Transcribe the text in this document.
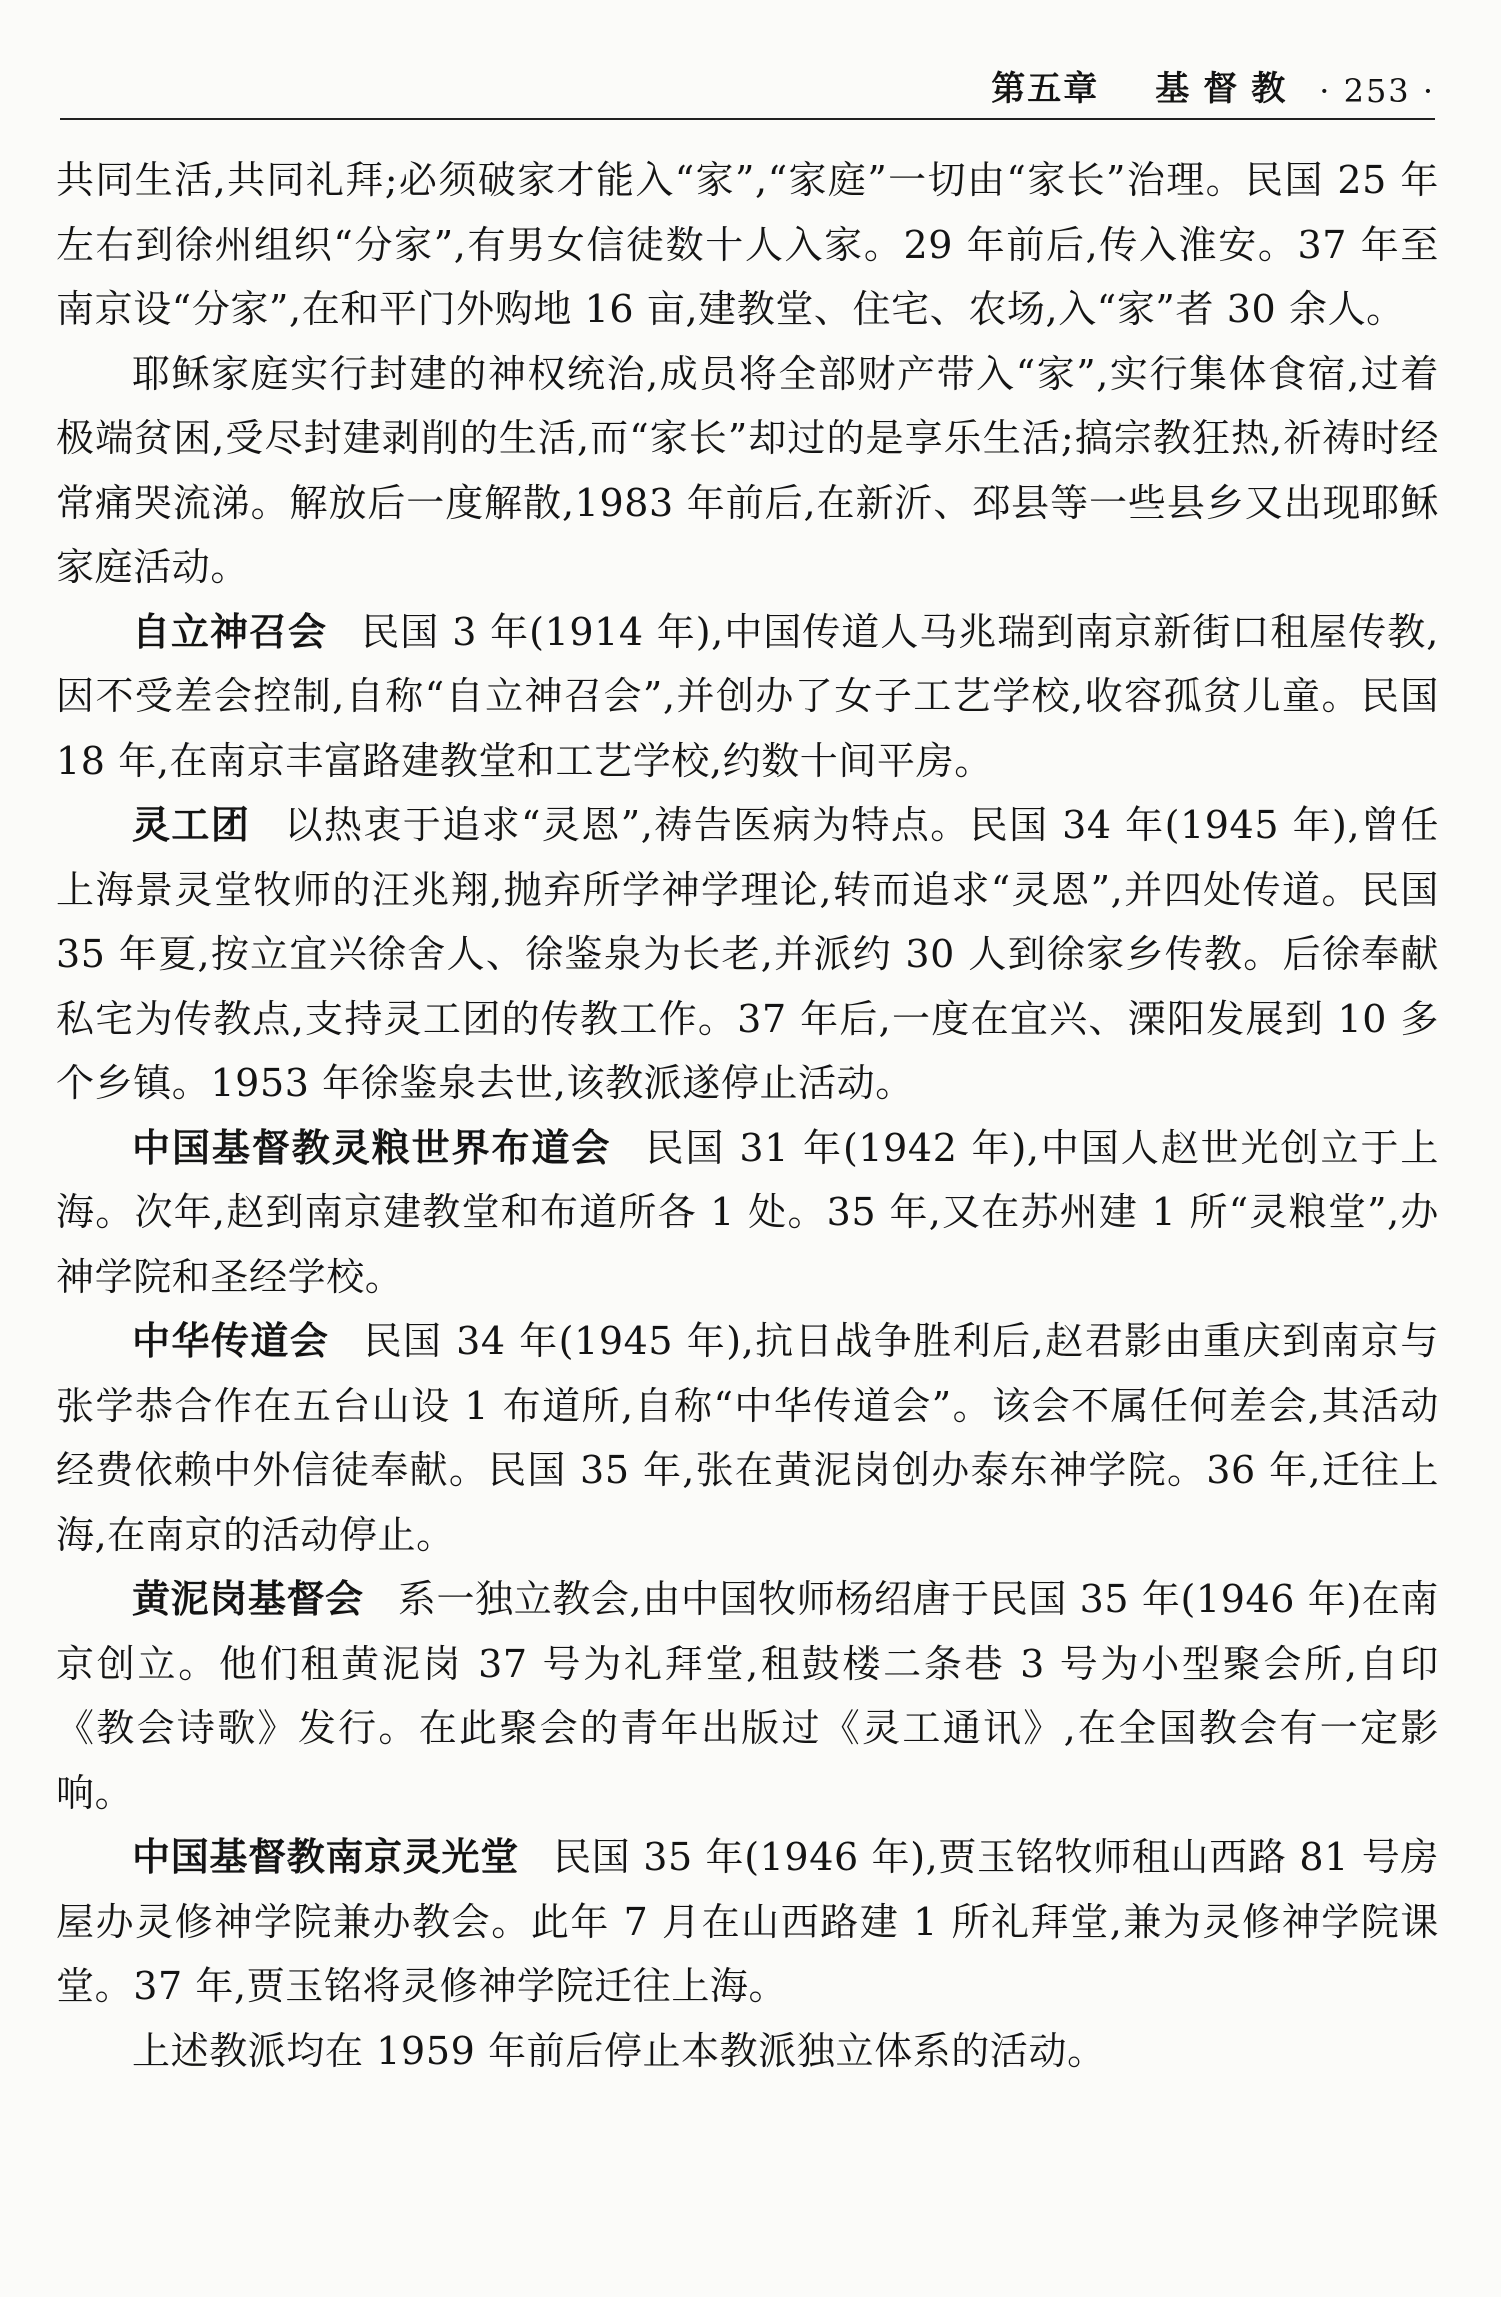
第五章 基督教 · 253 ·

共同生活,共同礼拜;必须破家才能入“家”,“家庭”一切由“家长”治理。民国 25 年左右到徐州组织“分家”,有男女信徒数十人入家。29 年前后,传入淮安。37 年至南京设“分家”,在和平门外购地 16 亩,建教堂、住宅、农场,入“家”者 30 余人。

耶稣家庭实行封建的神权统治,成员将全部财产带入“家”,实行集体食宿,过着极端贫困,受尽封建剥削的生活,而“家长”却过的是享乐生活;搞宗教狂热,祈祷时经常痛哭流涕。解放后一度解散,1983 年前后,在新沂、邳县等一些县乡又出现耶稣家庭活动。

自立神召会 民国 3 年(1914 年),中国传道人马兆瑞到南京新街口租屋传教,因不受差会控制,自称“自立神召会”,并创办了女子工艺学校,收容孤贫儿童。民国 18 年,在南京丰富路建教堂和工艺学校,约数十间平房。

灵工团 以热衷于追求“灵恩”,祷告医病为特点。民国 34 年(1945 年),曾任上海景灵堂牧师的汪兆翔,抛弃所学神学理论,转而追求“灵恩”,并四处传道。民国 35 年夏,按立宜兴徐舍人、徐鉴泉为长老,并派约 30 人到徐家乡传教。后徐奉献私宅为传教点,支持灵工团的传教工作。37 年后,一度在宜兴、溧阳发展到 10 多个乡镇。1953 年徐鉴泉去世,该教派遂停止活动。

中国基督教灵粮世界布道会 民国 31 年(1942 年),中国人赵世光创立于上海。次年,赵到南京建教堂和布道所各 1 处。35 年,又在苏州建 1 所“灵粮堂”,办神学院和圣经学校。

中华传道会 民国 34 年(1945 年),抗日战争胜利后,赵君影由重庆到南京与张学恭合作在五台山设 1 布道所,自称“中华传道会”。该会不属任何差会,其活动经费依赖中外信徒奉献。民国 35 年,张在黄泥岗创办泰东神学院。36 年,迁往上海,在南京的活动停止。

黄泥岗基督会 系一独立教会,由中国牧师杨绍唐于民国 35 年(1946 年)在南京创立。他们租黄泥岗 37 号为礼拜堂,租鼓楼二条巷 3 号为小型聚会所,自印《教会诗歌》发行。在此聚会的青年出版过《灵工通讯》,在全国教会有一定影响。

中国基督教南京灵光堂 民国 35 年(1946 年),贾玉铭牧师租山西路 81 号房屋办灵修神学院兼办教会。此年 7 月在山西路建 1 所礼拜堂,兼为灵修神学院课堂。37 年,贾玉铭将灵修神学院迁往上海。

上述教派均在 1959 年前后停止本教派独立体系的活动。
